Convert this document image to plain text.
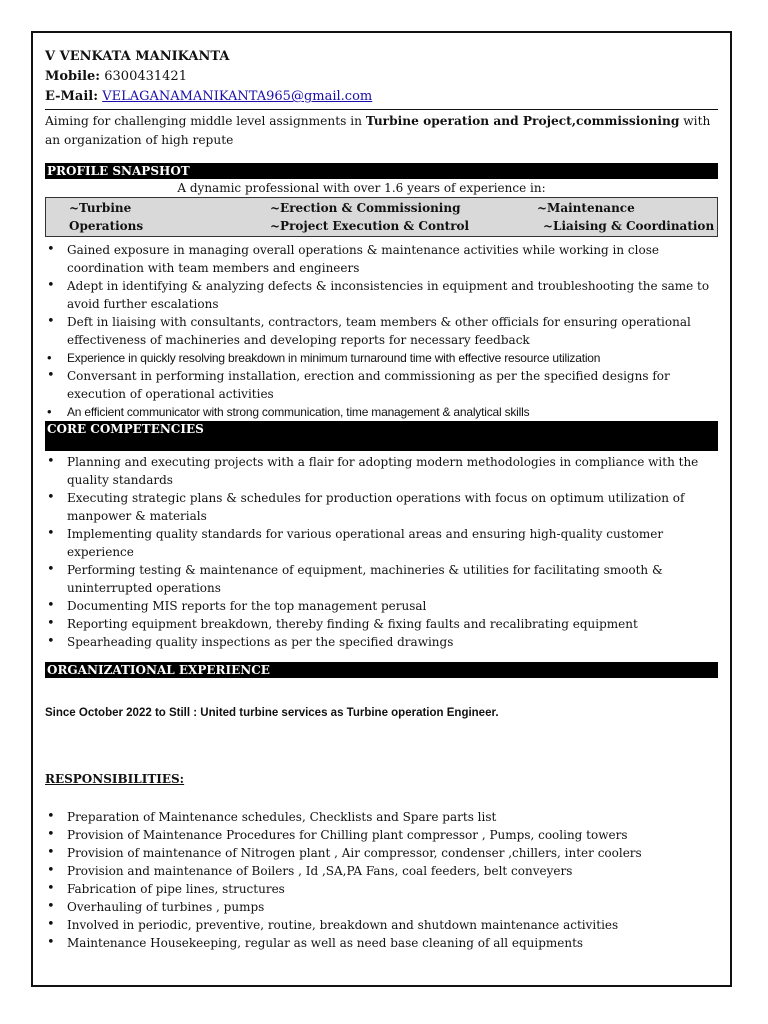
V VENKATA MANIKANTA
Mobile: 6300431421
E-Mail: VELAGANAMANIKANTA965@gmail.com
Aiming for challenging middle level assignments in Turbine operation and Project,commissioning with an organization of high repute
PROFILE SNAPSHOT
A dynamic professional with over 1.6 years of experience in:
~Turbine
Operations
~Erection & Commissioning
~Project Execution & Control
~Maintenance
~Liaising & Coordination
• Gained exposure in managing overall operations & maintenance activities while working in close coordination with team members and engineers
• Adept in identifying & analyzing defects & inconsistencies in equipment and troubleshooting the same to avoid further escalations
• Deft in liaising with consultants, contractors, team members & other officials for ensuring operational effectiveness of machineries and developing reports for necessary feedback
• Experience in quickly resolving breakdown in minimum turnaround time with effective resource utilization
• Conversant in performing installation, erection and commissioning as per the specified designs for execution of operational activities
• An efficient communicator with strong communication, time management & analytical skills
CORE COMPETENCIES
• Planning and executing projects with a flair for adopting modern methodologies in compliance with the quality standards
• Executing strategic plans & schedules for production operations with focus on optimum utilization of manpower & materials
• Implementing quality standards for various operational areas and ensuring high-quality customer experience
• Performing testing & maintenance of equipment, machineries & utilities for facilitating smooth & uninterrupted operations
• Documenting MIS reports for the top management perusal
• Reporting equipment breakdown, thereby finding & fixing faults and recalibrating equipment
• Spearheading quality inspections as per the specified drawings
ORGANIZATIONAL EXPERIENCE
Since October 2022 to Still : United turbine services as Turbine operation Engineer.
RESPONSIBILITIES:
• Preparation of Maintenance schedules, Checklists and Spare parts list
• Provision of Maintenance Procedures for Chilling plant compressor , Pumps, cooling towers
• Provision of maintenance of Nitrogen plant , Air compressor, condenser ,chillers, inter coolers
• Provision and maintenance of Boilers , Id ,SA,PA Fans, coal feeders, belt conveyers
• Fabrication of pipe lines, structures
• Overhauling of turbines , pumps
• Involved in periodic, preventive, routine, breakdown and shutdown maintenance activities
• Maintenance Housekeeping, regular as well as need base cleaning of all equipments
